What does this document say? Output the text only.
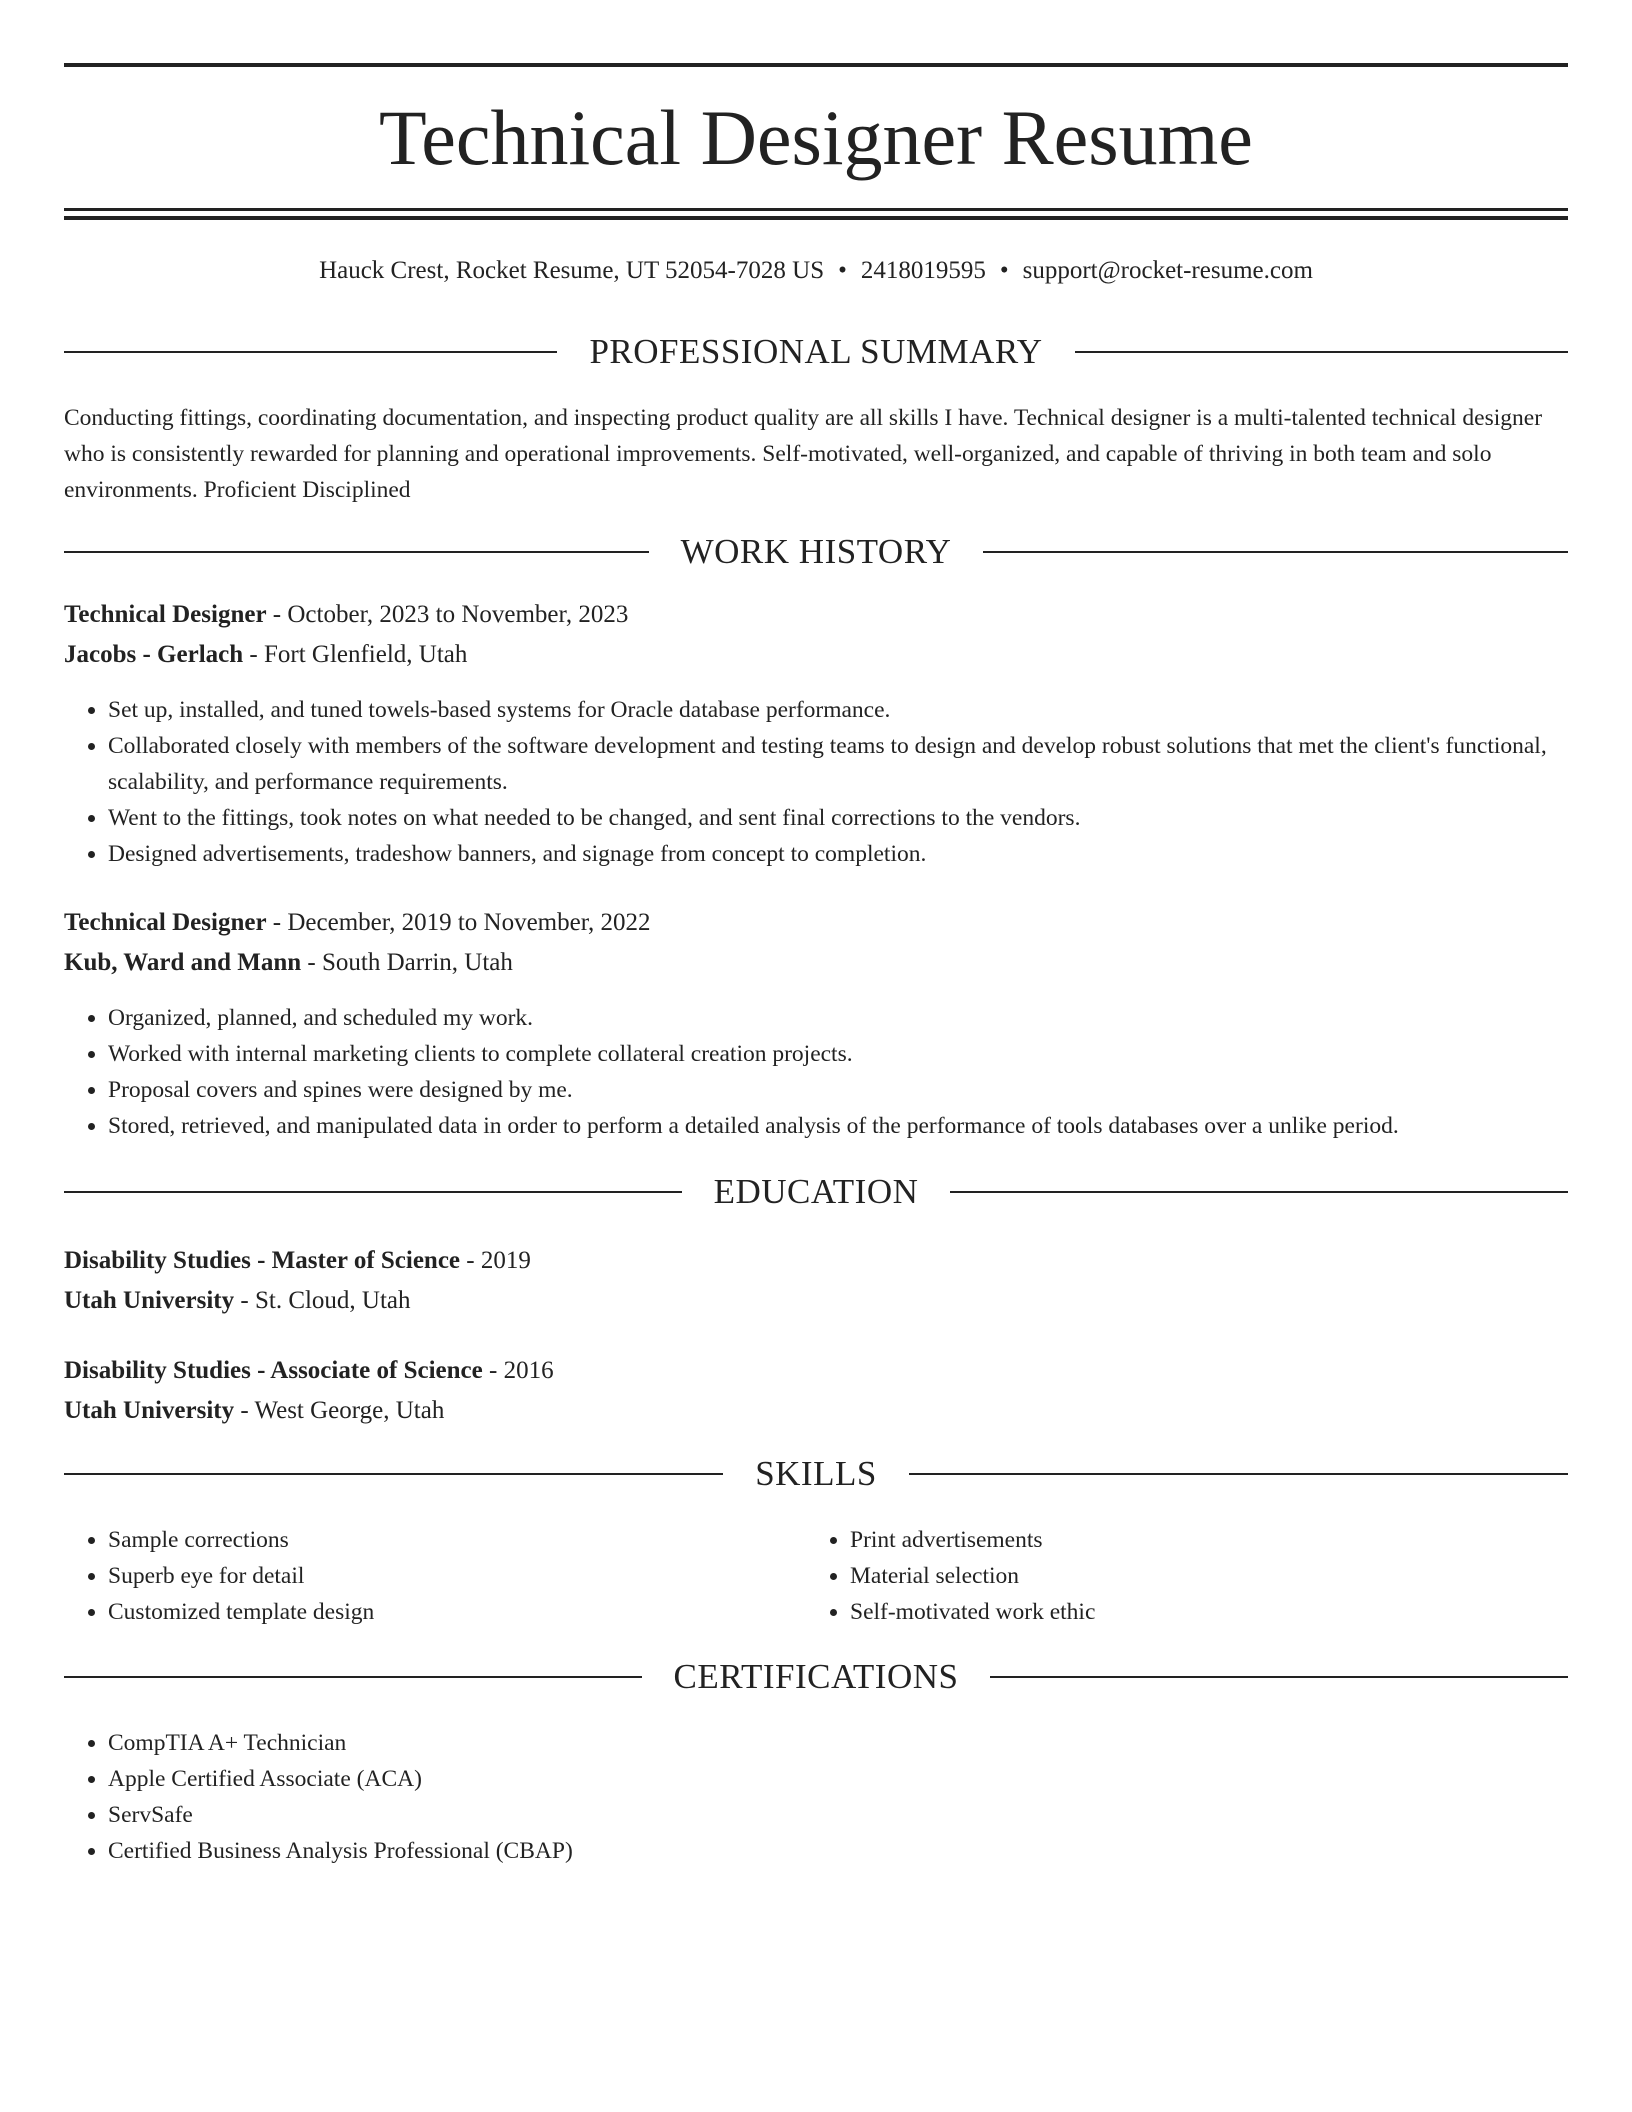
Technical Designer Resume
Hauck Crest, Rocket Resume, UT 52054-7028 US • 2418019595 • support@rocket-resume.com
PROFESSIONAL SUMMARY

Conducting fittings, coordinating documentation, and inspecting product quality are all skills I have. Technical designer is a multi-talented technical designer who is consistently rewarded for planning and operational improvements. Self-motivated, well-organized, and capable of thriving in both team and solo environments. Proficient Disciplined

WORK HISTORY
Technical Designer - October, 2023 to November, 2023
Jacobs - Gerlach - Fort Glenfield, Utah
• Set up, installed, and tuned towels-based systems for Oracle database performance.
• Collaborated closely with members of the software development and testing teams to design and develop robust solutions that met the client's functional, scalability, and performance requirements.
• Went to the fittings, took notes on what needed to be changed, and sent final corrections to the vendors.
• Designed advertisements, tradeshow banners, and signage from concept to completion.
Technical Designer - December, 2019 to November, 2022
Kub, Ward and Mann - South Darrin, Utah
• Organized, planned, and scheduled my work.
• Worked with internal marketing clients to complete collateral creation projects.
• Proposal covers and spines were designed by me.
• Stored, retrieved, and manipulated data in order to perform a detailed analysis of the performance of tools databases over a unlike period.
EDUCATION
Disability Studies - Master of Science - 2019
Utah University - St. Cloud, Utah
Disability Studies - Associate of Science - 2016
Utah University - West George, Utah
SKILLS
• Sample corrections
• Superb eye for detail
• Customized template design
• Print advertisements
• Material selection
• Self-motivated work ethic
CERTIFICATIONS
• CompTIA A+ Technician
• Apple Certified Associate (ACA)
• ServSafe
• Certified Business Analysis Professional (CBAP)
